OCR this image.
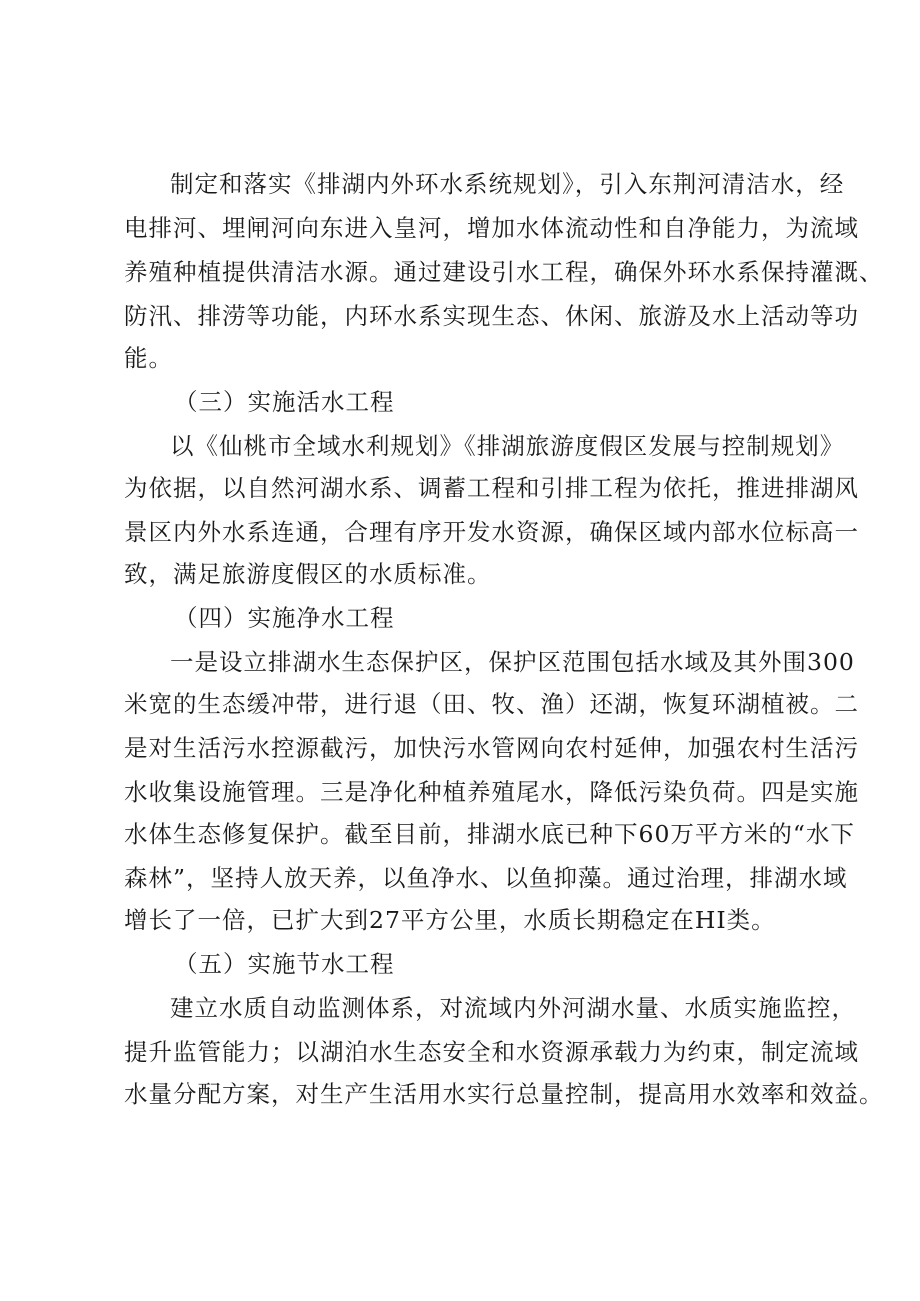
制定和落实《排湖内外环水系统规划》，引入东荆河清洁水，经
电排河、埋闸河向东进入皇河，增加水体流动性和自净能力，为流域
养殖种植提供清洁水源。通过建设引水工程，确保外环水系保持灌溉、
防汛、排涝等功能，内环水系实现生态、休闲、旅游及水上活动等功
能。
（三）实施活水工程
以《仙桃市全域水利规划》《排湖旅游度假区发展与控制规划》
为依据，以自然河湖水系、调蓄工程和引排工程为依托，推进排湖风
景区内外水系连通，合理有序开发水资源，确保区域内部水位标高一
致，满足旅游度假区的水质标准。
（四）实施净水工程
一是设立排湖水生态保护区，保护区范围包括水域及其外围300
米宽的生态缓冲带，进行退（田、牧、渔）还湖，恢复环湖植被。二
是对生活污水控源截污，加快污水管网向农村延伸，加强农村生活污
水收集设施管理。三是净化种植养殖尾水，降低污染负荷。四是实施
水体生态修复保护。截至目前，排湖水底已种下60万平方米的“水下
森林”，坚持人放天养，以鱼净水、以鱼抑藻。通过治理，排湖水域
增长了一倍，已扩大到27平方公里，水质长期稳定在HI类。
（五）实施节水工程
建立水质自动监测体系，对流域内外河湖水量、水质实施监控，
提升监管能力；以湖泊水生态安全和水资源承载力为约束，制定流域
水量分配方案，对生产生活用水实行总量控制，提高用水效率和效益。
